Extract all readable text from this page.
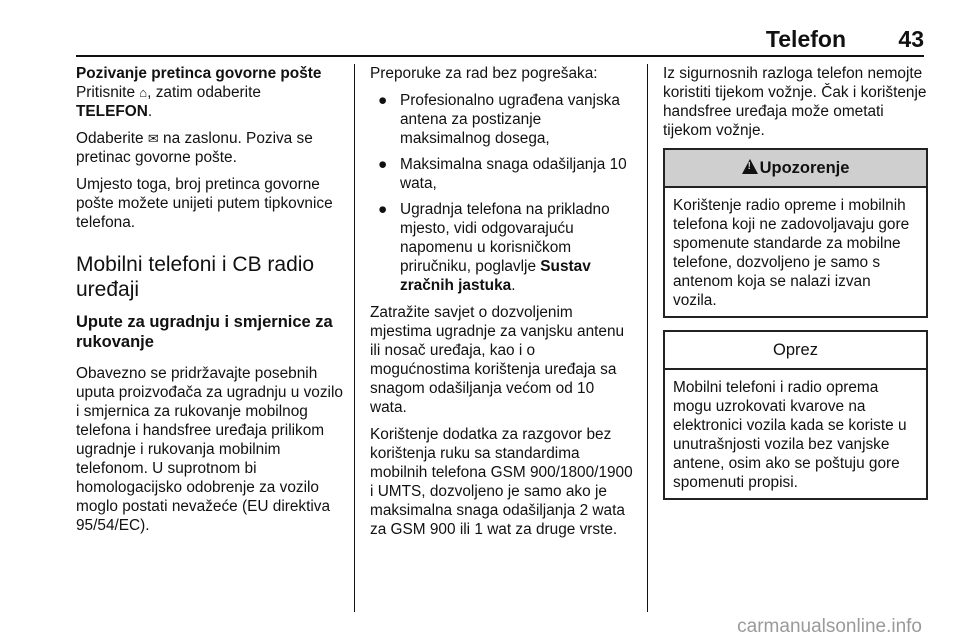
Telefon 43

Pozivanje pretinca govorne pošte

Pritisnite ⌂, zatim odaberite
TELEFON.

Odaberite ✉ na zaslonu. Poziva se pretinac govorne pošte.

Umjesto toga, broj pretinca govorne pošte možete unijeti putem tipkovnice telefona.

Mobilni telefoni i CB radio uređaji
Upute za ugradnju i smjernice za rukovanje

Obavezno se pridržavajte posebnih uputa proizvođača za ugradnju u vozilo i smjernica za rukovanje mobilnog telefona i handsfree uređaja prilikom ugradnje i rukovanja mobilnim telefonom. U suprotnom bi homologacijsko odobrenje za vozilo moglo postati nevažeće (EU direktiva 95/54/EC).

Preporuke za rad bez pogrešaka:

● Profesionalno ugrađena vanjska antena za postizanje maksimalnog dosega,
● Maksimalna snaga odašiljanja 10 wata,
● Ugradnja telefona na prikladno mjesto, vidi odgovarajuću napomenu u korisničkom priručniku, poglavlje Sustav zračnih jastuka.

Zatražite savjet o dozvoljenim mjestima ugradnje za vanjsku antenu ili nosač uređaja, kao i o mogućnostima korištenja uređaja sa snagom odašiljanja većom od 10 wata.

Korištenje dodatka za razgovor bez korištenja ruku sa standardima mobilnih telefona GSM 900/1800/1900 i UMTS, dozvoljeno je samo ako je maksimalna snaga odašiljanja 2 wata za GSM 900 ili 1 wat za druge vrste.

Iz sigurnosnih razloga telefon nemojte koristiti tijekom vožnje. Čak i korištenje handsfree uređaja može ometati tijekom vožnje.

!Upozorenje
Korištenje radio opreme i mobilnih telefona koji ne zadovoljavaju gore spomenute standarde za mobilne telefone, dozvoljeno je samo s antenom koja se nalazi izvan vozila.
Oprez
Mobilni telefoni i radio oprema mogu uzrokovati kvarove na elektronici vozila kada se koriste u unutrašnjosti vozila bez vanjske antene, osim ako se poštuju gore spomenuti propisi.
carmanualsonline.info
